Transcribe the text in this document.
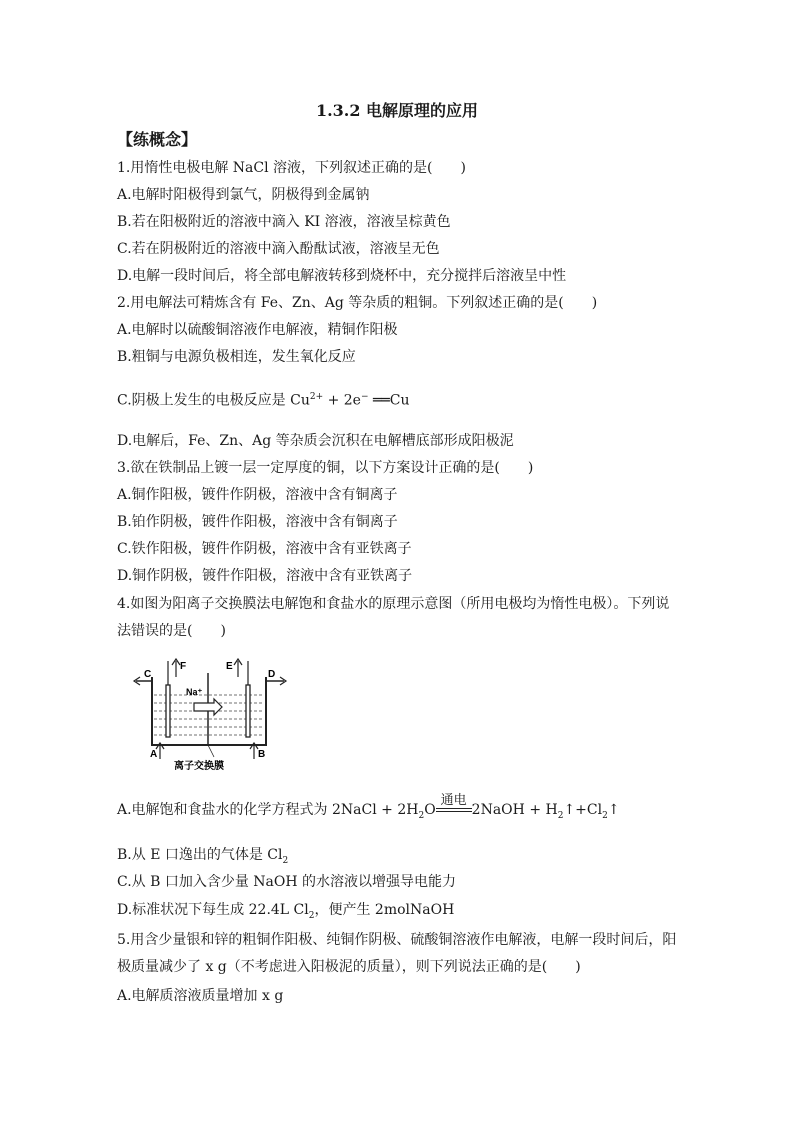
1.3.2 电解原理的应用
【练概念】
1.用惰性电极电解 NaCl 溶液，下列叙述正确的是(　　)
A.电解时阳极得到氯气，阴极得到金属钠
B.若在阳极附近的溶液中滴入 KI 溶液，溶液呈棕黄色
C.若在阴极附近的溶液中滴入酚酞试液，溶液呈无色
D.电解一段时间后，将全部电解液转移到烧杯中，充分搅拌后溶液呈中性
2.用电解法可精炼含有 Fe、Zn、Ag 等杂质的粗铜。下列叙述正确的是(　　)
A.电解时以硫酸铜溶液作电解液，精铜作阳极
B.粗铜与电源负极相连，发生氧化反应
C.阴极上发生的电极反应是 $Cu^{2+} + 2e^-$ ══Cu
D.电解后，Fe、Zn、Ag 等杂质会沉积在电解槽底部形成阳极泥
3.欲在铁制品上镀一层一定厚度的铜，以下方案设计正确的是(　　)
A.铜作阳极，镀件作阴极，溶液中含有铜离子
B.铂作阴极，镀件作阳极，溶液中含有铜离子
C.铁作阳极，镀件作阴极，溶液中含有亚铁离子
D.铜作阴极，镀件作阳极，溶液中含有亚铁离子
4.如图为阳离子交换膜法电解饱和食盐水的原理示意图（所用电极均为惰性电极）。下列说
法错误的是(　　)
C	D
F	E
Na⁺
A	B
离子交换膜
A.电解饱和食盐水的化学方程式为 2NaCl + $2H_2O$
通电
2NaOH + $H_2↑+Cl_2↑$
B.从 E 口逸出的气体是 $Cl_2$
C.从 B 口加入含少量 NaOH 的水溶液以增强导电能力
D.标准状况下每生成 22.4L $Cl_2$，便产生 2molNaOH
5.用含少量银和锌的粗铜作阳极、纯铜作阴极、硫酸铜溶液作电解液，电解一段时间后，阳
极质量减少了 x g（不考虑进入阳极泥的质量），则下列说法正确的是(　　)
A.电解质溶液质量增加 x g
